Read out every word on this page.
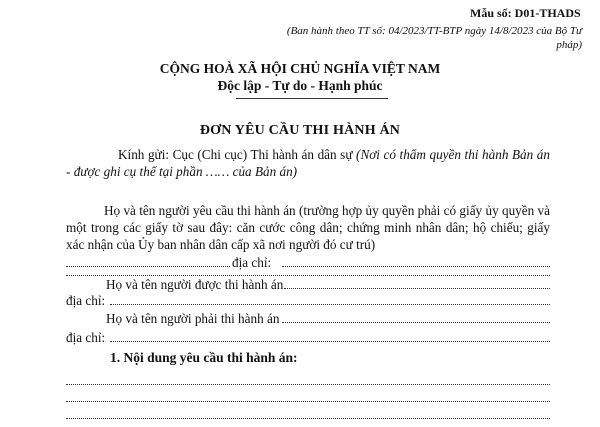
Mẫu số: D01-THADS
(Ban hành theo TT số: 04/2023/TT-BTP ngày 14/8/2023 của Bộ Tư pháp)
CỘNG HOÀ XÃ HỘI CHỦ NGHĨA VIỆT NAM
Độc lập - Tự do - Hạnh phúc
ĐƠN YÊU CẦU THI HÀNH ÁN
Kính gửi: Cục (Chi cục) Thi hành án dân sự (Nơi có thẩm quyền thi hành Bản án - được ghi cụ thể tại phần …… của Bản án)
Họ và tên người yêu cầu thi hành án (trường hợp ủy quyền phải có giấy ủy quyền và một trong các giấy tờ sau đây: căn cước công dân; chứng minh nhân dân; hộ chiếu; giấy xác nhận của Ủy ban nhân dân cấp xã nơi người đó cư trú)
địa chỉ:
Họ và tên người được thi hành án
địa chỉ:
Họ và tên người phải thi hành án
địa chỉ:
1. Nội dung yêu cầu thi hành án:
